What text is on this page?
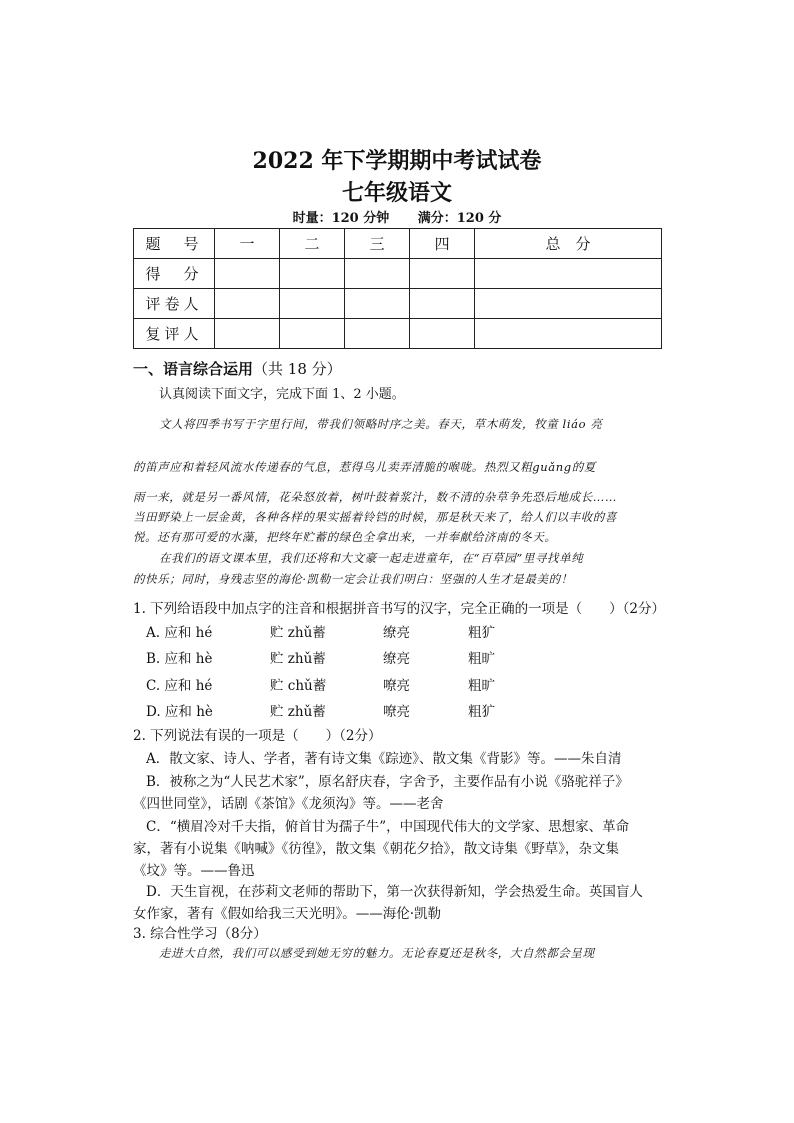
2022 年下学期期中考试试卷
七年级语文
时量：120 分钟 满分：120 分
题　号	一	二	三	四	总　分
得　分					
评卷人					
复评人					
一、语言综合运用（共 18 分）
认真阅读下面文字，完成下面 1、2 小题。
文人将四季书写于字里行间，带我们领略时序之美。春天，草木萌发，牧童 liáo 亮
的笛声应和着轻风流水传递春的气息，惹得鸟儿卖弄清脆的喉咙。热烈又粗guǎng的夏
雨一来，就是另一番风情，花朵怒放着，树叶鼓着浆汁，数不清的杂草争先恐后地成长……
当田野染上一层金黄，各种各样的果实摇着铃铛的时候，那是秋天来了，给人们以丰收的喜
悦。还有那可爱的水藻，把终年贮蓄的绿色全拿出来，一并奉献给济南的冬天。
在我们的语文课本里，我们还将和大文豪一起走进童年，在“百草园”里寻找单纯
的快乐；同时，身残志坚的海伦·凯勒一定会让我们明白：坚强的人生才是最美的！
1. 下列给语段中加点字的注音和根据拼音书写的汉字，完全正确的一项是（　　）（2分）
A. 应和 hé	贮 zhǔ蓄	缭亮	粗犷
B. 应和 hè	贮 zhǔ蓄	缭亮	粗旷
C. 应和 hé	贮 chǔ蓄	嘹亮	粗旷
D. 应和 hè	贮 zhǔ蓄	嘹亮	粗犷
2. 下列说法有误的一项是（　　）（2分）
A．散文家、诗人、学者，著有诗文集《踪迹》、散文集《背影》等。——朱自清
B．被称之为“人民艺术家”，原名舒庆春，字舍予，主要作品有小说《骆驼祥子》
《四世同堂》，话剧《茶馆》《龙须沟》等。——老舍
C．“横眉冷对千夫指，俯首甘为孺子牛”，中国现代伟大的文学家、思想家、革命
家，著有小说集《呐喊》《彷徨》，散文集《朝花夕拾》，散文诗集《野草》，杂文集
《坟》等。——鲁迅
D．天生盲视，在莎莉文老师的帮助下，第一次获得新知，学会热爱生命。英国盲人
女作家，著有《假如给我三天光明》。——海伦·凯勒
3. 综合性学习（8分）
走进大自然，我们可以感受到她无穷的魅力。无论春夏还是秋冬，大自然都会呈现
